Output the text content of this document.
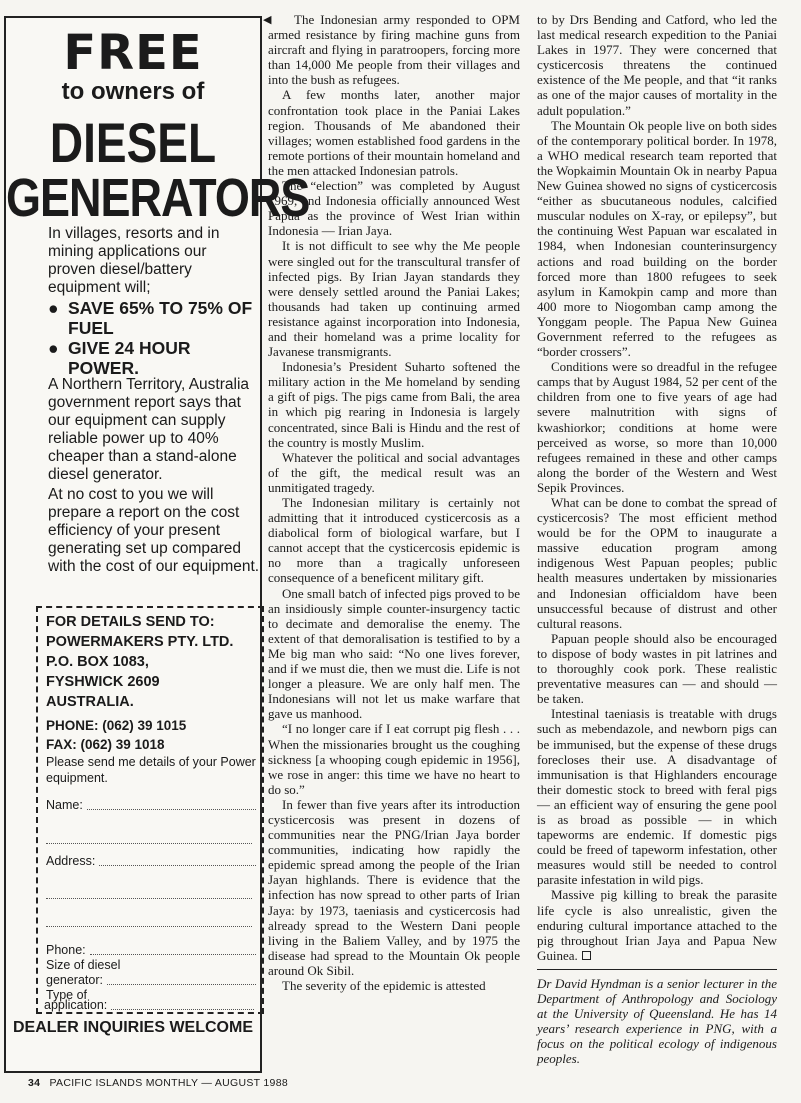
FREE
to owners of
DIESEL
GENERATORS

In villages, resorts and in mining applications our proven diesel/battery equipment will;

● SAVE 65% TO 75% OF FUEL
● GIVE 24 HOUR POWER.

A Northern Territory, Australia government report says that our equipment can supply reliable power up to 40% cheaper than a stand-alone diesel generator.

At no cost to you we will prepare a report on the cost efficiency of your present generating set up compared with the cost of our equipment.

FOR DETAILS SEND TO:
POWERMAKERS PTY. LTD.
P.O. BOX 1083,
FYSHWICK 2609
AUSTRALIA.
PHONE: (062) 39 1015
FAX: (062) 39 1018
Please send me details of your Power equipment.
Name:
Address:
Phone:
Size of diesel
generator:
Type of
application:
DEALER INQUIRIES WELCOME
◀	The Indonesian army responded to OPM armed resistance by firing machine guns from aircraft and flying in paratroopers, forcing more than 14,000 Me people from their villages and into the bush as refugees.

A few months later, another major confrontation took place in the Paniai Lakes region. Thousands of Me abandoned their villages; women established food gardens in the remote portions of their mountain homeland and the men attacked Indonesian patrols.

The “election” was completed by August 1969, and Indonesia officially announced West Papua as the province of West Irian within Indonesia — Irian Jaya.

It is not difficult to see why the Me people were singled out for the transcultural transfer of infected pigs. By Irian Jayan standards they were densely settled around the Paniai Lakes; thousands had taken up continuing armed resistance against incorporation into Indonesia, and their homeland was a prime locality for Javanese transmigrants.

Indonesia’s President Suharto softened the military action in the Me homeland by sending a gift of pigs. The pigs came from Bali, the area in which pig rearing in Indonesia is largely concentrated, since Bali is Hindu and the rest of the country is mostly Muslim.

Whatever the political and social advantages of the gift, the medical result was an unmitigated tragedy.

The Indonesian military is certainly not admitting that it introduced cysticercosis as a diabolical form of biological warfare, but I cannot accept that the cysticercosis epidemic is no more than a tragically unforeseen consequence of a beneficent military gift.

One small batch of infected pigs proved to be an insidiously simple counter-insurgency tactic to decimate and demoralise the enemy. The extent of that demoralisation is testified to by a Me big man who said: “No one lives forever, and if we must die, then we must die. Life is not longer a pleasure. We are only half men. The Indonesians will not let us make warfare that gave us manhood.

“I no longer care if I eat corrupt pig flesh . . . When the missionaries brought us the coughing sickness [a whooping cough epidemic in 1956], we rose in anger: this time we have no heart to do so.”

In fewer than five years after its introduction cysticercosis was present in dozens of communities near the PNG/Irian Jaya border communities, indicating how rapidly the epidemic spread among the people of the Irian Jayan highlands. There is evidence that the infection has now spread to other parts of Irian Jaya: by 1973, taeniasis and cysticercosis had already spread to the Western Dani people living in the Baliem Valley, and by 1975 the disease had spread to the Mountain Ok people around Ok Sibil.

The severity of the epidemic is attested

to by Drs Bending and Catford, who led the last medical research expedition to the Paniai Lakes in 1977. They were concerned that cysticercosis threatens the continued existence of the Me people, and that “it ranks as one of the major causes of mortality in the adult population.”

The Mountain Ok people live on both sides of the contemporary political border. In 1978, a WHO medical research team reported that the Wopkaimin Mountain Ok in nearby Papua New Guinea showed no signs of cysticercosis “either as sbucutaneous nodules, calcified muscular nodules on X-ray, or epilepsy”, but the continuing West Papuan war escalated in 1984, when Indonesian counterinsurgency actions and road building on the border forced more than 1800 refugees to seek asylum in Kamokpin camp and more than 400 more to Niogomban camp among the Yonggam people. The Papua New Guinea Government referred to the refugees as “border crossers”.

Conditions were so dreadful in the refugee camps that by August 1984, 52 per cent of the children from one to five years of age had severe malnutrition with signs of kwashiorkor; conditions at home were perceived as worse, so more than 10,000 refugees remained in these and other camps along the border of the Western and West Sepik Provinces.

What can be done to combat the spread of cysticercosis? The most efficient method would be for the OPM to inaugurate a massive education program among indigenous West Papuan peoples; public health measures undertaken by missionaries and Indonesian officialdom have been unsuccessful because of distrust and other cultural reasons.

Papuan people should also be encouraged to dispose of body wastes in pit latrines and to thoroughly cook pork. These realistic preventative measures can — and should — be taken.

Intestinal taeniasis is treatable with drugs such as mebendazole, and newborn pigs can be immunised, but the expense of these drugs forecloses their use. A disadvantage of immunisation is that Highlanders encourage their domestic stock to breed with feral pigs — an efficient way of ensuring the gene pool is as broad as possible — in which tapeworms are endemic. If domestic pigs could be freed of tapeworm infestation, other measures would still be needed to control parasite infestation in wild pigs.

Massive pig killing to break the parasite life cycle is also unrealistic, given the enduring cultural importance attached to the pig throughout Irian Jaya and Papua New Guinea.

Dr David Hyndman is a senior lecturer in the Department of Anthropology and Sociology at the University of Queensland. He has 14 years’ research experience in PNG, with a focus on the political ecology of indigenous peoples.

34 PACIFIC ISLANDS MONTHLY — AUGUST 1988
